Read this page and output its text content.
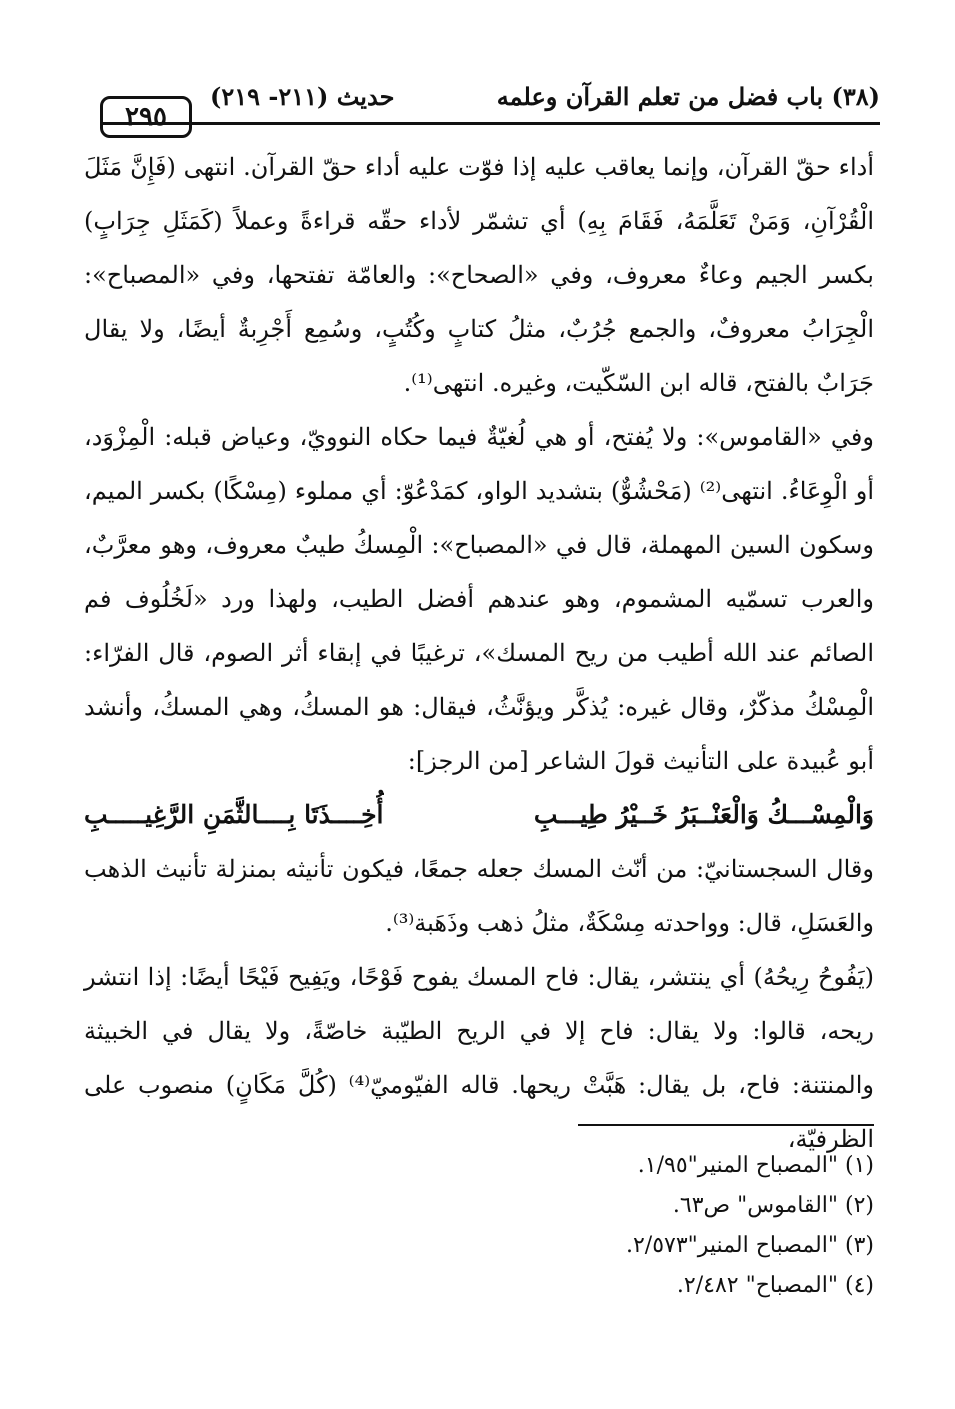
٢٩٥
حديث (٢١١- ٢١٩)	(٣٨) باب فضل من تعلم القرآن وعلمه

أداء حقّ القرآن، وإنما يعاقب عليه إذا فوّت عليه أداء حقّ القرآن. انتهى (فَإِنَّ مَثَلَ الْقُرْآنِ، وَمَنْ تَعَلَّمَهُ، فَقَامَ بِهِ) أي تشمّر لأداء حقّه قراءةً وعملاً (كَمَثَلِ جِرَابٍ) بكسر الجيم وعاءٌ معروف، وفي «الصحاح»: والعامّة تفتحها، وفي «المصباح»: الْجِرَابُ معروفٌ، والجمع جُرُبٌ، مثلُ كتابٍ وكُتُبٍ، وسُمِع أَجْرِبةٌ أيضًا، ولا يقال جَرَابٌ بالفتح، قاله ابن السّكّيت، وغيره. انتهى⁽¹⁾.

وفي «القاموس»: ولا يُفتح، أو هي لُغيّةٌ فيما حكاه النوويّ، وعياض قبله: الْمِزْوَد، أو الْوِعَاءُ. انتهى⁽²⁾ (مَحْشُوٌّ) بتشديد الواو، كمَدْعُوّ: أي مملوء (مِسْكًا) بكسر الميم، وسكون السين المهملة، قال في «المصباح»: الْمِسكُ طيبٌ معروف، وهو معرَّبٌ، والعرب تسمّيه المشموم، وهو عندهم أفضل الطيب، ولهذا ورد «لَخُلُوف فم الصائم عند الله أطيب من ريح المسك»، ترغيبًا في إبقاء أثر الصوم، قال الفرّاء: الْمِسْكُ مذكّرٌ، وقال غيره: يُذكَّر ويؤنَّثُ، فيقال: هو المسكُ، وهي المسكُ، وأنشد أبو عُبيدة على التأنيث قولَ الشاعر [من الرجز]:

وَالْمِسْـــكُ وَالْعَنْــبَرُ خَــيْرُ طِيـــبِ
أُخِــــذَتَا بِــــالثَّمَنِ الرَّغِيـــــبِ

وقال السجستانيّ: من أنّث المسك جعله جمعًا، فيكون تأنيثه بمنزلة تأنيث الذهب والعَسَلِ، قال: وواحدته مِسْكَةٌ، مثلُ ذهب وذَهَبة⁽³⁾.

(يَفُوحُ رِيحُهُ) أي ينتشر، يقال: فاح المسك يفوح فَوْحًا، ويَفِيح فَيْحًا أيضًا: إذا انتشر ريحه، قالوا: ولا يقال: فاح إلا في الريح الطيّبة خاصّةً، ولا يقال في الخبيثة والمنتنة: فاح، بل يقال: هَبَّتْ ريحها. قاله الفيّوميّ⁽⁴⁾ (كُلَّ مَكَانٍ) منصوب على الظرفيّة،

(١) "المصباح المنير"١/٩٥.
(٢) "القاموس" ص٦٣.
(٣) "المصباح المنير"٢/٥٧٣.
(٤) "المصباح" ٢/٤٨٢.
